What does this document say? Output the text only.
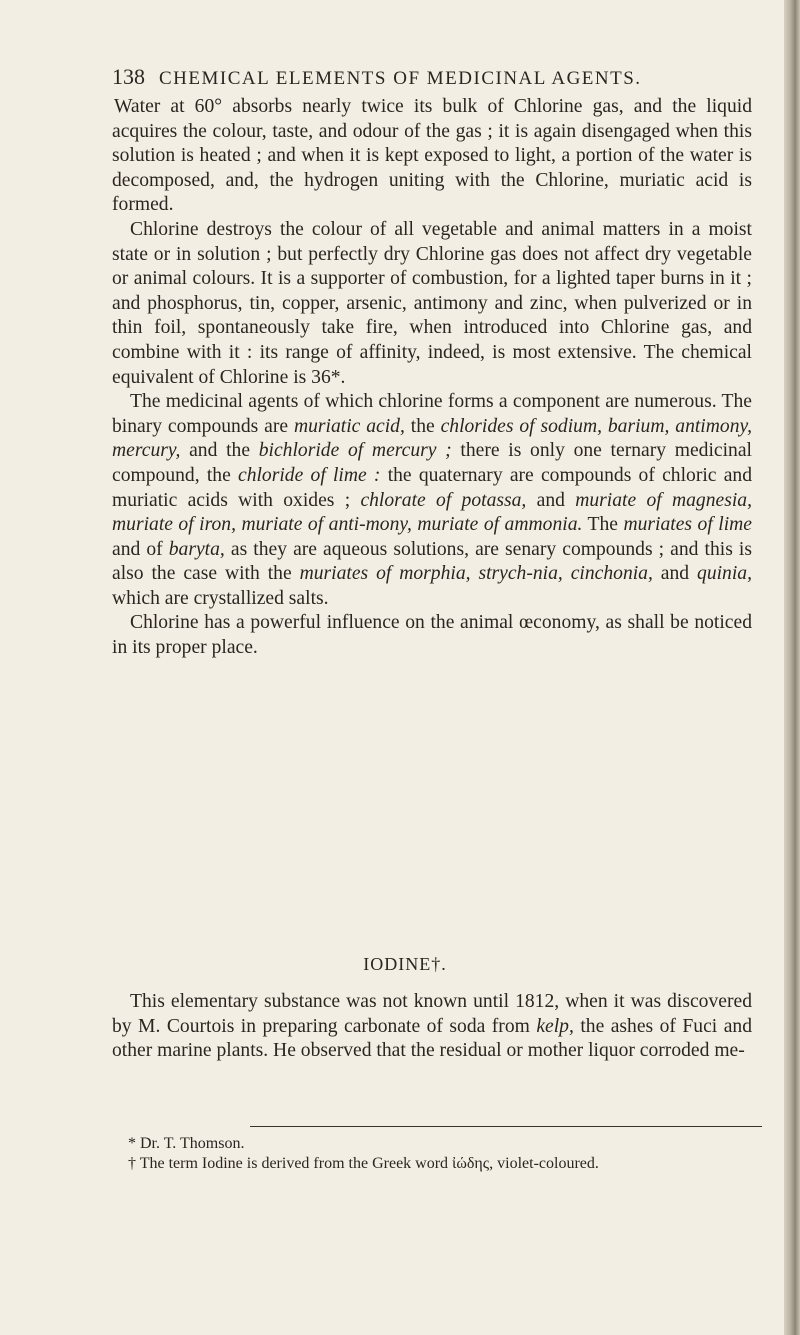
138 CHEMICAL ELEMENTS OF MEDICINAL AGENTS.

Water at 60° absorbs nearly twice its bulk of Chlorine gas, and the liquid acquires the colour, taste, and odour of the gas ; it is again disengaged when this solution is heated ; and when it is kept exposed to light, a portion of the water is decomposed, and, the hydrogen uniting with the Chlorine, muriatic acid is formed.

Chlorine destroys the colour of all vegetable and animal matters in a moist state or in solution ; but perfectly dry Chlorine gas does not affect dry vegetable or animal colours. It is a supporter of combustion, for a lighted taper burns in it ; and phosphorus, tin, copper, arsenic, antimony and zinc, when pulverized or in thin foil, spontaneously take fire, when introduced into Chlorine gas, and combine with it : its range of affinity, indeed, is most extensive. The chemical equivalent of Chlorine is 36*.

The medicinal agents of which chlorine forms a component are numerous. The binary compounds are muriatic acid, the chlorides of sodium, barium, antimony, mercury, and the bichloride of mercury ; there is only one ternary medicinal compound, the chloride of lime : the quaternary are compounds of chloric and muriatic acids with oxides ; chlorate of potassa, and muriate of magnesia, muriate of iron, muriate of anti-mony, muriate of ammonia. The muriates of lime and of baryta, as they are aqueous solutions, are senary compounds ; and this is also the case with the muriates of morphia, strych-nia, cinchonia, and quinia, which are crystallized salts.

Chlorine has a powerful influence on the animal œconomy, as shall be noticed in its proper place.

IODINE†.

This elementary substance was not known until 1812, when it was discovered by M. Courtois in preparing carbonate of soda from kelp, the ashes of Fuci and other marine plants. He observed that the residual or mother liquor corroded me-

* Dr. T. Thomson.
† The term Iodine is derived from the Greek word ἰώδης, violet-coloured.
